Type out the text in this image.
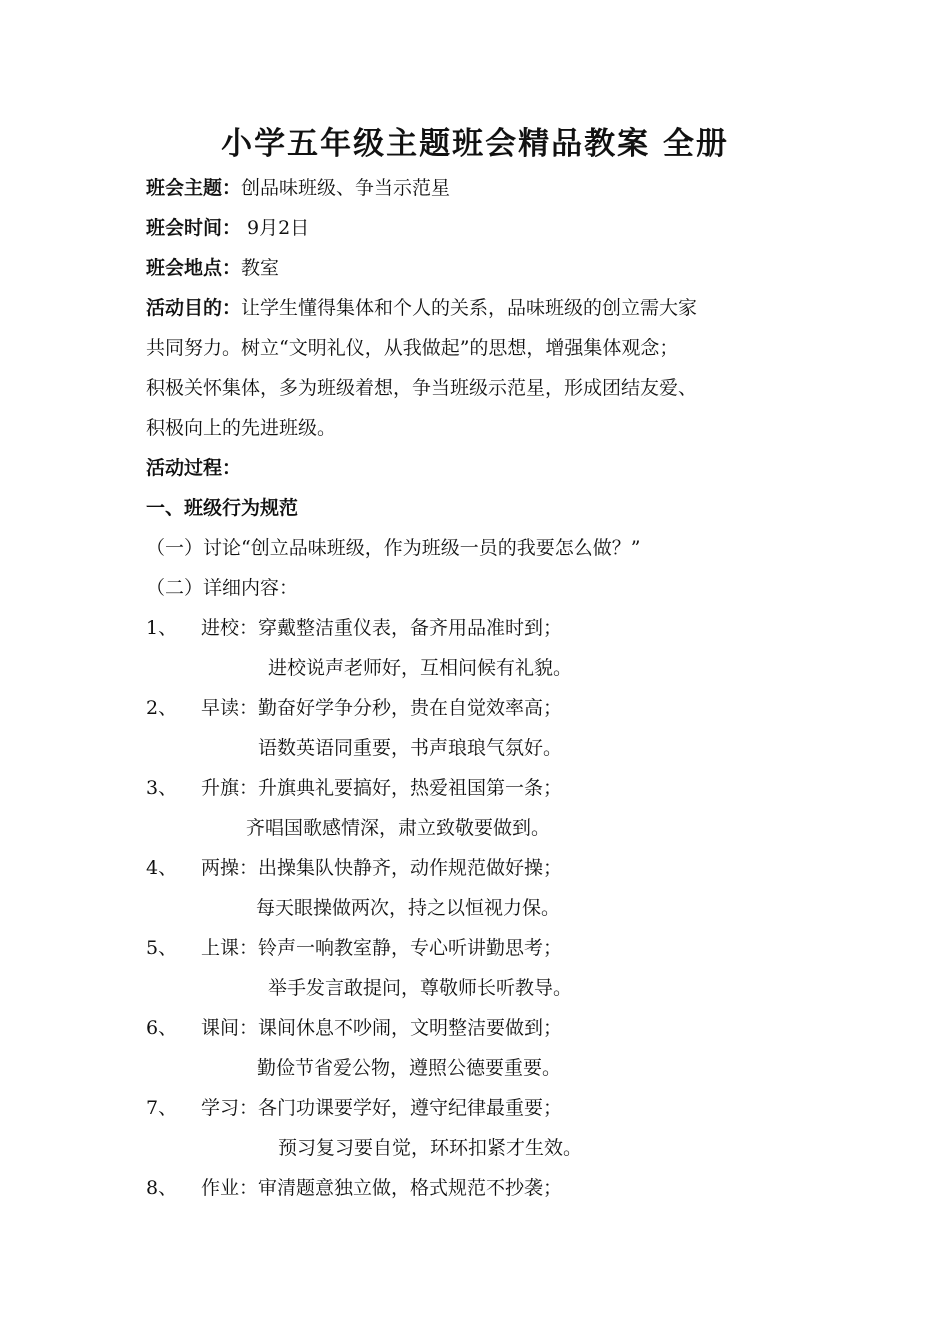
小学五年级主题班会精品教案 全册
班会主题：创品味班级、争当示范星
班会时间： 9月2日
班会地点：教室
活动目的：让学生懂得集体和个人的关系，品味班级的创立需大家
共同努力。树立“文明礼仪，从我做起”的思想，增强集体观念；
积极关怀集体，多为班级着想，争当班级示范星，形成团结友爱、
积极向上的先进班级。
活动过程：
一、班级行为规范
（一）讨论“创立品味班级，作为班级一员的我要怎么做？”
（二）详细内容：
1、 进校：穿戴整洁重仪表，备齐用品准时到；
进校说声老师好，互相问候有礼貌。
2、 早读：勤奋好学争分秒，贵在自觉效率高；
语数英语同重要，书声琅琅气氛好。
3、 升旗：升旗典礼要搞好，热爱祖国第一条；
齐唱国歌感情深，肃立致敬要做到。
4、 两操：出操集队快静齐，动作规范做好操；
每天眼操做两次，持之以恒视力保。
5、 上课：铃声一响教室静，专心听讲勤思考；
举手发言敢提问，尊敬师长听教导。
6、 课间：课间休息不吵闹，文明整洁要做到；
勤俭节省爱公物，遵照公德要重要。
7、 学习：各门功课要学好，遵守纪律最重要；
预习复习要自觉，环环扣紧才生效。
8、 作业：审清题意独立做，格式规范不抄袭；
